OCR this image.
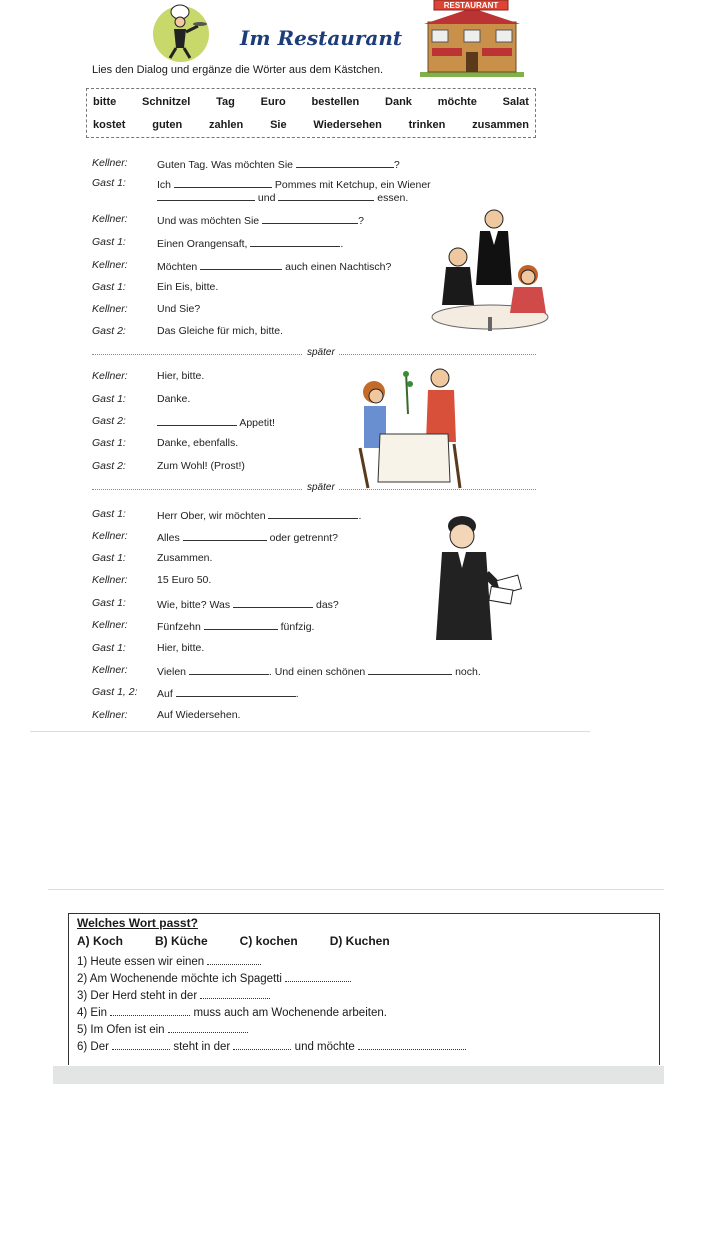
Im Restaurant
RESTAURANT
Lies den Dialog und ergänze die Wörter aus dem Kästchen.
bitte Schnitzel Tag Euro bestellen Dank möchte Salat
kostet guten zahlen Sie Wiedersehen trinken zusammen
Kellner:	Guten Tag. Was möchten Sie	?
Gast 1:	Ich	Pommes mit Ketchup, ein Wiener
und	essen.
Kellner:	Und was möchten Sie	?
Gast 1:	Einen Orangensaft,	.
Kellner:	Möchten	auch einen Nachtisch?
Gast 1:	Ein Eis, bitte.
Kellner:	Und Sie?
Gast 2:	Das Gleiche für mich, bitte.
später
Kellner:	Hier, bitte.
Gast 1:	Danke.
Gast 2:	Appetit!
Gast 1:	Danke, ebenfalls.
Gast 2:	Zum Wohl! (Prost!)
später
Gast 1:	Herr Ober, wir möchten	.
Kellner:	Alles	oder getrennt?
Gast 1:	Zusammen.
Kellner:	15 Euro 50.
Gast 1:	Wie, bitte? Was	das?
Kellner:	Fünfzehn	fünfzig.
Gast 1:	Hier, bitte.
Kellner:	Vielen	. Und einen schönen	noch.
Gast 1, 2: Auf	.
Kellner:	Auf Wiedersehen.
Welches Wort passt?
A) Koch	B) Küche	C) kochen	D) Kuchen
1) Heute essen wir einen
2) Am Wochenende möchte ich Spagetti
3) Der Herd steht in der
4) Ein	muss auch am Wochenende arbeiten.
5) Im Ofen ist ein
6) Der	steht in der	und möchte
